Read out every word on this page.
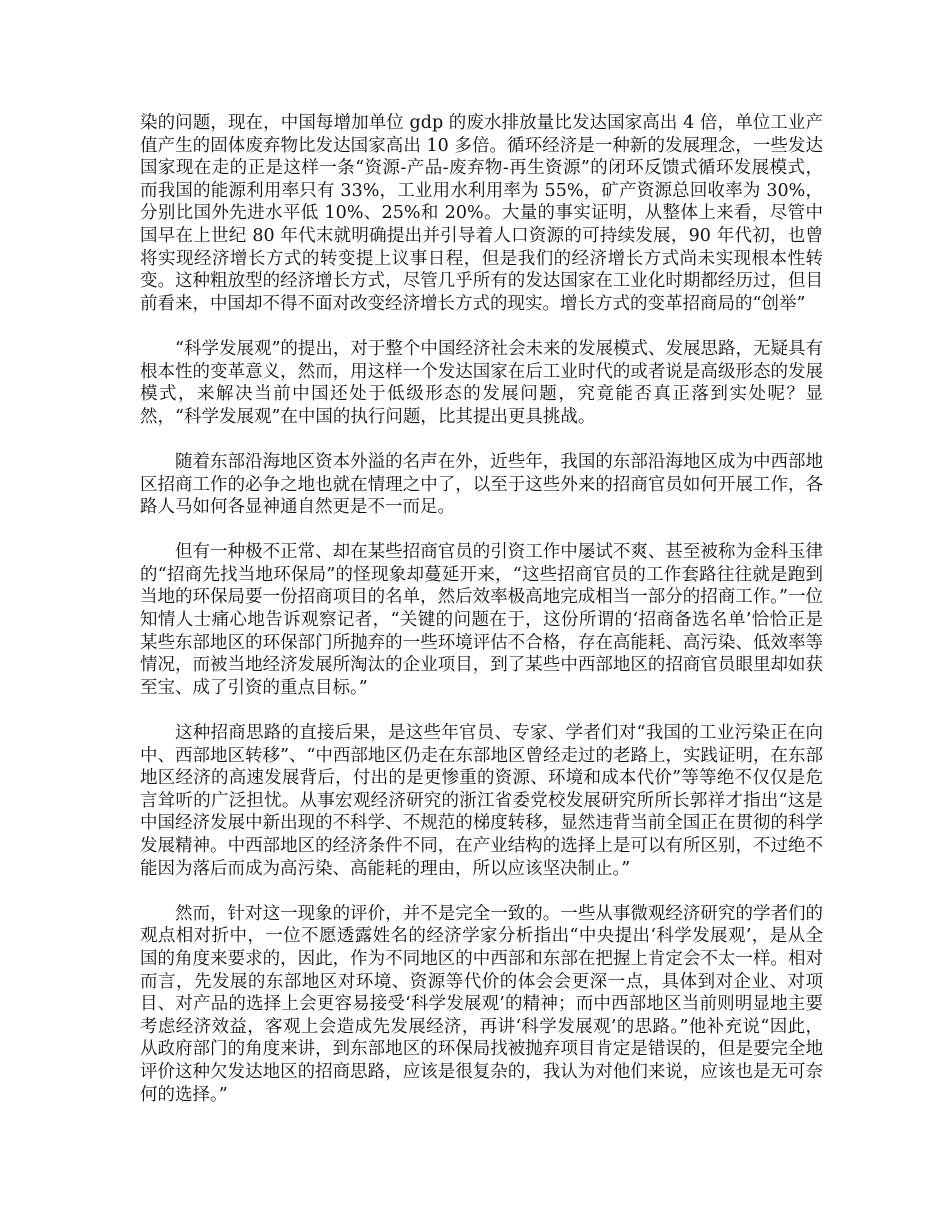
染的问题，现在，中国每增加单位 gdp 的废水排放量比发达国家高出 4 倍，单位工业产值产生的固体废弃物比发达国家高出 10 多倍。循环经济是一种新的发展理念，一些发达国家现在走的正是这样一条“资源-产品-废弃物-再生资源”的闭环反馈式循环发展模式，而我国的能源利用率只有 33%，工业用水利用率为 55%，矿产资源总回收率为 30%，分别比国外先进水平低 10%、25%和 20%。大量的事实证明，从整体上来看，尽管中国早在上世纪 80 年代末就明确提出并引导着人口资源的可持续发展，90 年代初，也曾将实现经济增长方式的转变提上议事日程，但是我们的经济增长方式尚未实现根本性转变。这种粗放型的经济增长方式，尽管几乎所有的发达国家在工业化时期都经历过，但目前看来，中国却不得不面对改变经济增长方式的现实。增长方式的变革招商局的“创举”

“科学发展观”的提出，对于整个中国经济社会未来的发展模式、发展思路，无疑具有根本性的变革意义，然而，用这样一个发达国家在后工业时代的或者说是高级形态的发展模式，来解决当前中国还处于低级形态的发展问题，究竟能否真正落到实处呢？显然，“科学发展观”在中国的执行问题，比其提出更具挑战。

随着东部沿海地区资本外溢的名声在外，近些年，我国的东部沿海地区成为中西部地区招商工作的必争之地也就在情理之中了，以至于这些外来的招商官员如何开展工作，各路人马如何各显神通自然更是不一而足。

但有一种极不正常、却在某些招商官员的引资工作中屡试不爽、甚至被称为金科玉律的“招商先找当地环保局”的怪现象却蔓延开来，“这些招商官员的工作套路往往就是跑到当地的环保局要一份招商项目的名单，然后效率极高地完成相当一部分的招商工作。”一位知情人士痛心地告诉观察记者，“关键的问题在于，这份所谓的‘招商备选名单’恰恰正是某些东部地区的环保部门所抛弃的一些环境评估不合格，存在高能耗、高污染、低效率等情况，而被当地经济发展所淘汰的企业项目，到了某些中西部地区的招商官员眼里却如获至宝、成了引资的重点目标。”

这种招商思路的直接后果，是这些年官员、专家、学者们对“我国的工业污染正在向中、西部地区转移”、“中西部地区仍走在东部地区曾经走过的老路上，实践证明，在东部地区经济的高速发展背后，付出的是更惨重的资源、环境和成本代价”等等绝不仅仅是危言耸听的广泛担忧。从事宏观经济研究的浙江省委党校发展研究所所长郭祥才指出“这是中国经济发展中新出现的不科学、不规范的梯度转移，显然违背当前全国正在贯彻的科学发展精神。中西部地区的经济条件不同，在产业结构的选择上是可以有所区别，不过绝不能因为落后而成为高污染、高能耗的理由，所以应该坚决制止。”

然而，针对这一现象的评价，并不是完全一致的。一些从事微观经济研究的学者们的观点相对折中，一位不愿透露姓名的经济学家分析指出“中央提出‘科学发展观’，是从全国的角度来要求的，因此，作为不同地区的中西部和东部在把握上肯定会不太一样。相对而言，先发展的东部地区对环境、资源等代价的体会会更深一点，具体到对企业、对项目、对产品的选择上会更容易接受‘科学发展观’的精神；而中西部地区当前则明显地主要考虑经济效益，客观上会造成先发展经济，再讲‘科学发展观’的思路。”他补充说“因此，从政府部门的角度来讲，到东部地区的环保局找被抛弃项目肯定是错误的，但是要完全地评价这种欠发达地区的招商思路，应该是很复杂的，我认为对他们来说，应该也是无可奈何的选择。”
